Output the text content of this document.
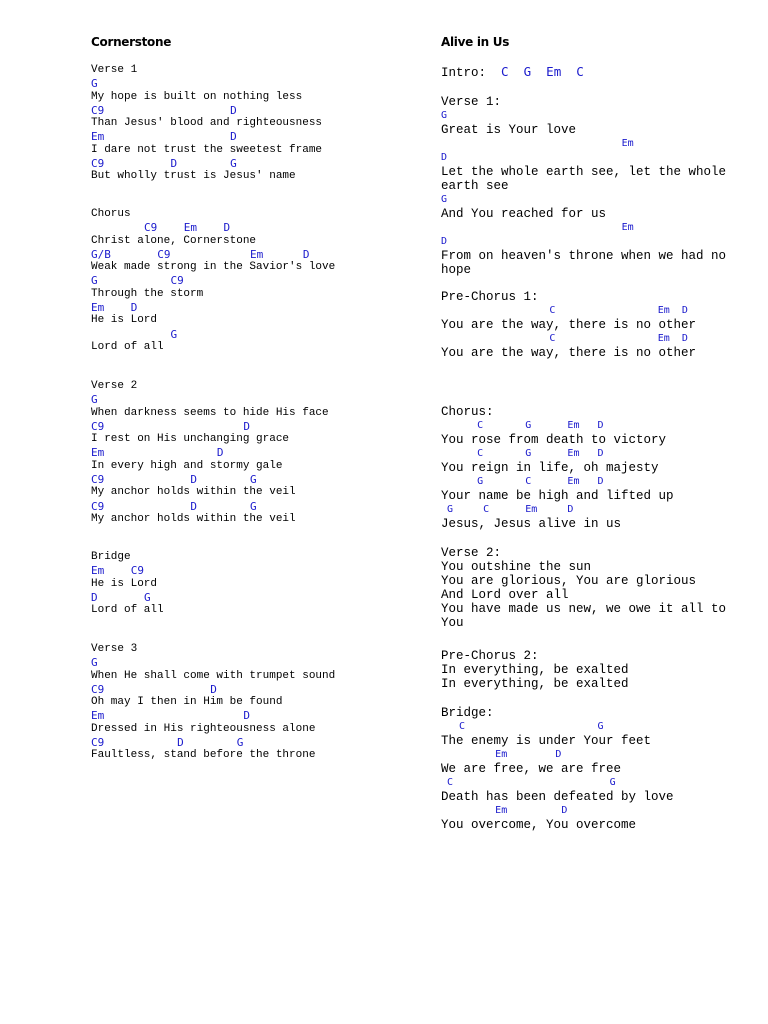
Cornerstone
Verse 1
G
My hope is built on nothing less
C9                   D
Than Jesus' blood and righteousness
Em                   D
I dare not trust the sweetest frame
C9          D        G
But wholly trust is Jesus' name
Chorus
C9    Em    D
Christ alone, Cornerstone
G/B       C9            Em      D
Weak made strong in the Savior's love
G           C9
Through the storm
Em    D
He is Lord
G
Lord of all
Verse 2
G
When darkness seems to hide His face
C9                     D
I rest on His unchanging grace
Em                 D
In every high and stormy gale
C9             D        G
My anchor holds within the veil
C9             D        G
My anchor holds within the veil
Bridge
Em    C9
He is Lord
D       G
Lord of all
Verse 3
G
When He shall come with trumpet sound
C9                D
Oh may I then in Him be found
Em                     D
Dressed in His righteousness alone
C9           D        G
Faultless, stand before the throne
Alive in Us
Intro:  C  G  Em  C
Verse 1:
G
Great is Your love
Em
D
Let the whole earth see, let the whole
earth see
G
And You reached for us
Em
D
From on heaven's throne when we had no
hope
Pre-Chorus 1:
C                 Em  D
You are the way, there is no other
C                 Em  D
You are the way, there is no other
Chorus:
C       G      Em   D
You rose from death to victory
C       G      Em   D
You reign in life, oh majesty
G       C      Em   D
Your name be high and lifted up
G     C      Em     D
Jesus, Jesus alive in us
Verse 2:
You outshine the sun
You are glorious, You are glorious
And Lord over all
You have made us new, we owe it all to
You
Pre-Chorus 2:
In everything, be exalted
In everything, be exalted
Bridge:
C                      G
The enemy is under Your feet
Em        D
We are free, we are free
C                          G
Death has been defeated by love
Em         D
You overcome, You overcome
